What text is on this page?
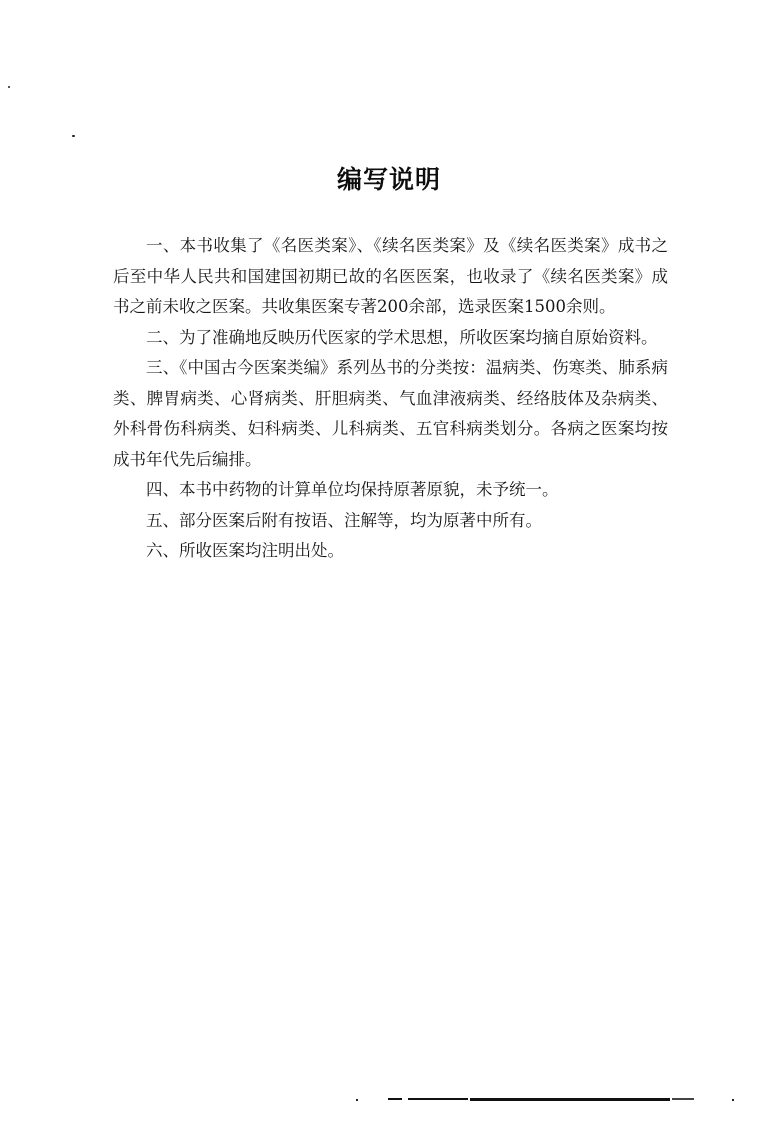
编写说明

一、本书收集了《名医类案》、《续名医类案》及《续名医类案》成书之后至中华人民共和国建国初期已故的名医医案，也收录了《续名医类案》成书之前未收之医案。共收集医案专著200余部，选录医案1500余则。

二、为了准确地反映历代医家的学术思想，所收医案均摘自原始资料。

三、《中国古今医案类编》系列丛书的分类按：温病类、伤寒类、肺系病类、脾胃病类、心肾病类、肝胆病类、气血津液病类、经络肢体及杂病类、外科骨伤科病类、妇科病类、儿科病类、五官科病类划分。各病之医案均按成书年代先后编排。

四、本书中药物的计算单位均保持原著原貌，未予统一。

五、部分医案后附有按语、注解等，均为原著中所有。

六、所收医案均注明出处。
